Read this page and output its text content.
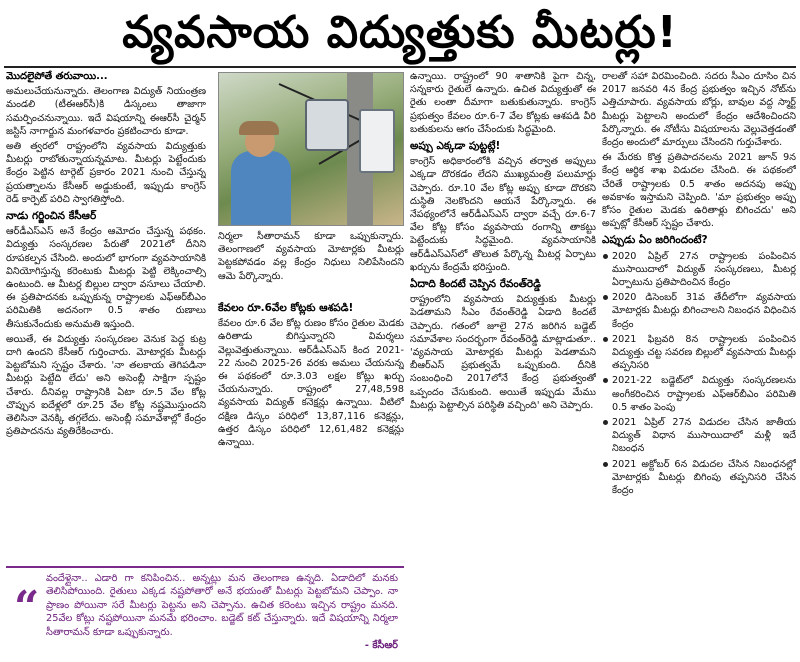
వ్యవసాయ విద్యుత్తుకు మీటర్లు!

మొదలైపోతే తరువాయి...

అమలుచేయనున్నారు. తెలంగాణ విద్యుత్ నియంత్రణ మండలి (టీఈఆర్‌సీ)కి డిస్కంలు తాజాగా సమర్పించనున్నాయి. ఇదే విషయాన్ని ఈఆర్‌సీ చైర్మన్ జస్టిస్ నాగార్జున మంగళవారం ప్రకటించారు కూడా.

అతి త్వరలో రాష్ట్రంలోని వ్యవసాయ విద్యుత్తుకు మీటర్లు రాబోతున్నాయన్నమాట. మీటర్లు పెట్టేందుకు కేంద్రం పెట్టిన టార్గెట్ ప్రకారం 2021 నుంచి చేస్తున్న ప్రయత్నాలను కేసీఆర్ అడ్డుకుంటే, ఇప్పుడు కాంగ్రెస్ రెడ్ కార్పెట్ పరిచి స్వాగతిస్తోంది.

నాడు గర్జించిన కేసీఆర్

ఆర్‌డీఎస్‌ఎస్ అనే కేంద్రం ఆమోదం చేస్తున్న పథకం. విద్యుత్తు సంస్కరణల పేరుతో 2021లో దీనిని రూపకల్పన చేసింది. అందులో భాగంగా వ్యవసాయానికి వినియోగిస్తున్న కరెంటుకు మీటర్లు పెట్టి లెక్కించాల్సి ఉంటుంది. ఆ మీటర్ల బిల్లుల ద్వారా వసూలు చేయాలి. ఈ ప్రతిపాదనకు ఒప్పుకున్న రాష్ట్రాలకు ఎఫ్‌ఆర్‌బీఎం పరిమితికి అదనంగా 0.5 శాతం రుణాలు తీసుకునేందుకు అనుమతి ఇస్తుంది.

అయితే, ఈ విద్యుత్తు సంస్కరణల వెనుక పెద్ద కుట్ర దాగి ఉందని కేసీఆర్ గుర్తించారు. మోటార్లకు మీటర్లు పెట్టబోమని స్పష్టం చేశారు. 'నా తలకాయ తెగిపడినా మీటర్లు పెట్టేది లేదు' అని అసెంబ్లీ సాక్షిగా స్పష్టం చేశారు. దీనివల్ల రాష్ట్రానికి ఏటా రూ.5 వేల కోట్ల చొప్పున ఐదేళ్లలో రూ.25 వేల కోట్ల నష్టమొస్తుందని తెలిసినా వెనక్కి తగ్గలేదు. అసెంబ్లీ సమావేశాల్లో కేంద్రం ప్రతిపాదనను వ్యతిరేకించారు.

నిర్మలా సీతారామన్ కూడా ఒప్పుకున్నారు. తెలంగాణలో వ్యవసాయ మోటార్లకు మీటర్లు పెట్టకపోవడం వల్ల కేంద్రం నిధులు నిలిపేసిందని ఆమె పేర్కొన్నారు.

కేవలం రూ.6వేల కోట్లకు ఆశపడి!

కేవలం రూ.6 వేల కోట్ల రుణం కోసం రైతుల మెడకు ఉరితాడు బిగిస్తున్నారని విమర్శలు వెల్లువెత్తుతున్నాయి. ఆర్‌డీఎస్‌ఎస్ కింద 2021-22 నుంచి 2025-26 వరకు అమలు చేయనున్న ఈ పథకంలో రూ.3.03 లక్షల కోట్లు ఖర్చు చేయనున్నారు. రాష్ట్రంలో 27,48,598 వ్యవసాయ విద్యుత్ కనెక్షన్లు ఉన్నాయి. వీటిలో దక్షిణ డిస్కం పరిధిలో 13,87,116 కనెక్షన్లు, ఉత్తర డిస్కం పరిధిలో 12,61,482 కనెక్షన్లు ఉన్నాయి.

ఉన్నాయి. రాష్ట్రంలో 90 శాతానికి పైగా చిన్న, సన్నకారు రైతులే ఉన్నారు. ఉచిత విద్యుత్తుతో ఈ రైతు లంతా దీమాగా బతుకుతున్నారు. కాంగ్రెస్ ప్రభుత్వం కేవలం రూ.6-7 వేల కోట్లకు ఆశపడి వీరి బతుకులను ఆగం చేసేందుకు సిద్ధమైంది.

అప్పు ఎక్కడా పుట్టట్లే!

కాంగ్రెస్ అధికారంలోకి వచ్చిన తర్వాత అప్పులు ఎక్కడా దొరకడం లేదని ముఖ్యమంత్రి పలుమార్లు చెప్పారు. రూ.10 వేల కోట్ల అప్పు కూడా దొరకని దుస్థితి నెలకొందని ఆయనే పేర్కొన్నారు. ఈ నేపథ్యంలోనే ఆర్‌డీఎస్‌ఎస్ ద్వారా వచ్చే రూ.6-7 వేల కోట్ల కోసం వ్యవసాయ రంగాన్ని తాకట్టు పెట్టేందుకు సిద్ధమైంది. వ్యవసాయానికి ఆర్‌డీఎస్‌ఎస్‌లో తొలుత పేర్కొన్న మీటర్ల ఏర్పాటు ఖర్చును కేంద్రమే భరిస్తుంది.

ఏదాది కిందటే చెప్పిన రేవంత్‌రెడ్డి

రాష్ట్రంలోని వ్యవసాయ విద్యుత్తుకు మీటర్లు పెడతామని సీఎం రేవంత్‌రెడ్డి ఏడాది కిందటే చెప్పారు. గతంలో జూలై 27న జరిగిన బడ్జెట్ సమావేశాల సందర్భంగా రేవంత్‌రెడ్డి మాట్లాడుతూ.. 'వ్యవసాయ మోటార్లకు మీటర్లు పెడతామని బీఆర్‌ఎస్ ప్రభుత్వమే ఒప్పుకుంది. దీనికి సంబంధించి 2017లోనే కేంద్ర ప్రభుత్వంతో ఒప్పందం చేసుకుంది. అయితే ఇప్పుడు మేము మీటర్లు పెట్టాల్సిన పరిస్థితి వచ్చింది' అని చెప్పారు.

రాలతో సహా విరమించింది. సదరు సీఎం దూసిం చిన 2017 జనవరి 4న కేంద్ర ప్రభుత్వం ఇచ్చిన నోట్‌ను ఎత్తిచూపారు. వ్యవసాయ బోర్లు, బావుల వద్ద స్మార్ట్ మీటర్లు పెట్టాలని అందులో కేంద్రం ఆదేశించిందని పేర్కొన్నారు. ఈ నోటీసు విషయాలను వెల్లువెత్తడంతో కేంద్రం అందులో మార్పులు చేసిందని గుర్తుచేశారు.

ఈ మేరకు కొత్త ప్రతిపాదనలను 2021 జూన్ 9న కేంద్ర ఆర్థిక శాఖ విడుదల చేసింది. ఈ పథకంలో చేరితే రాష్ట్రాలకు 0.5 శాతం అదనపు అప్పు అవకాశం ఇస్తామని చెప్పింది. 'మా ప్రభుత్వం అప్పు కోసం రైతుల మెడకు ఉరితాళ్లు బిగించదు' అని అప్పట్లో కేసీఆర్ స్పష్టం చేశారు.

ఎప్పుడు ఏం జరిగిందంటే?

2020 ఏప్రిల్ 27న రాష్ట్రాలకు పంపించిన ముసాయిదాలో విద్యుత్ సంస్కరణలు, మీటర్ల ఏర్పాటును ప్రతిపాదించిన కేంద్రం

2020 డిసెంబర్ 31వ తేదీలోగా వ్యవసాయ మోటార్లకు మీటర్లు బిగించాలని నిబంధన విధించిన కేంద్రం

2021 ఫిబ్రవరి 8న రాష్ట్రాలకు పంపించిన విద్యుత్తు చట్ట సవరణ బిల్లులో వ్యవసాయ మీటర్లు తప్పనిసరి

2021-22 బడ్జెట్‌లో విద్యుత్తు సంస్కరణలను అంగీకరించిన రాష్ట్రాలకు ఎఫ్‌ఆర్‌బీఎం పరిమితి 0.5 శాతం పెంపు

2021 ఏప్రిల్ 27న విడుదల చేసిన జాతీయ విద్యుత్ విధాన ముసాయిదాలో మళ్లీ ఇదే నిబంధన

2021 అక్టోబర్ 6న విడుదల చేసిన నిబంధనల్లో మోటార్లకు మీటర్లు బిగింపు తప్పనిసరి చేసిన కేంద్రం

“

వందేళ్లైనా.. ఎడారి గా కనిపించిన.. అన్నట్లు మన తెలంగాణ ఉన్నది. ఏడాదిలో మనకు తెలిసిపోయింది. రైతులు ఎక్కడ నష్టపోతారో అనే భయంతో మీటర్లు పెట్టబోమని చెప్పాం. నా ప్రాణం పోయినా సరే మీటర్లు పెట్టను అని చెప్పాను. ఉచిత కరెంటు ఇచ్చిన రాష్ట్రం మనది. 25వేల కోట్లు నష్టపోయినా మనమే భరించాం. బడ్జెట్ కట్ చేస్తున్నారు. ఇదే విషయాన్ని నిర్మలా సీతారామన్ కూడా ఒప్పుకున్నారు.

- కేసీఆర్
